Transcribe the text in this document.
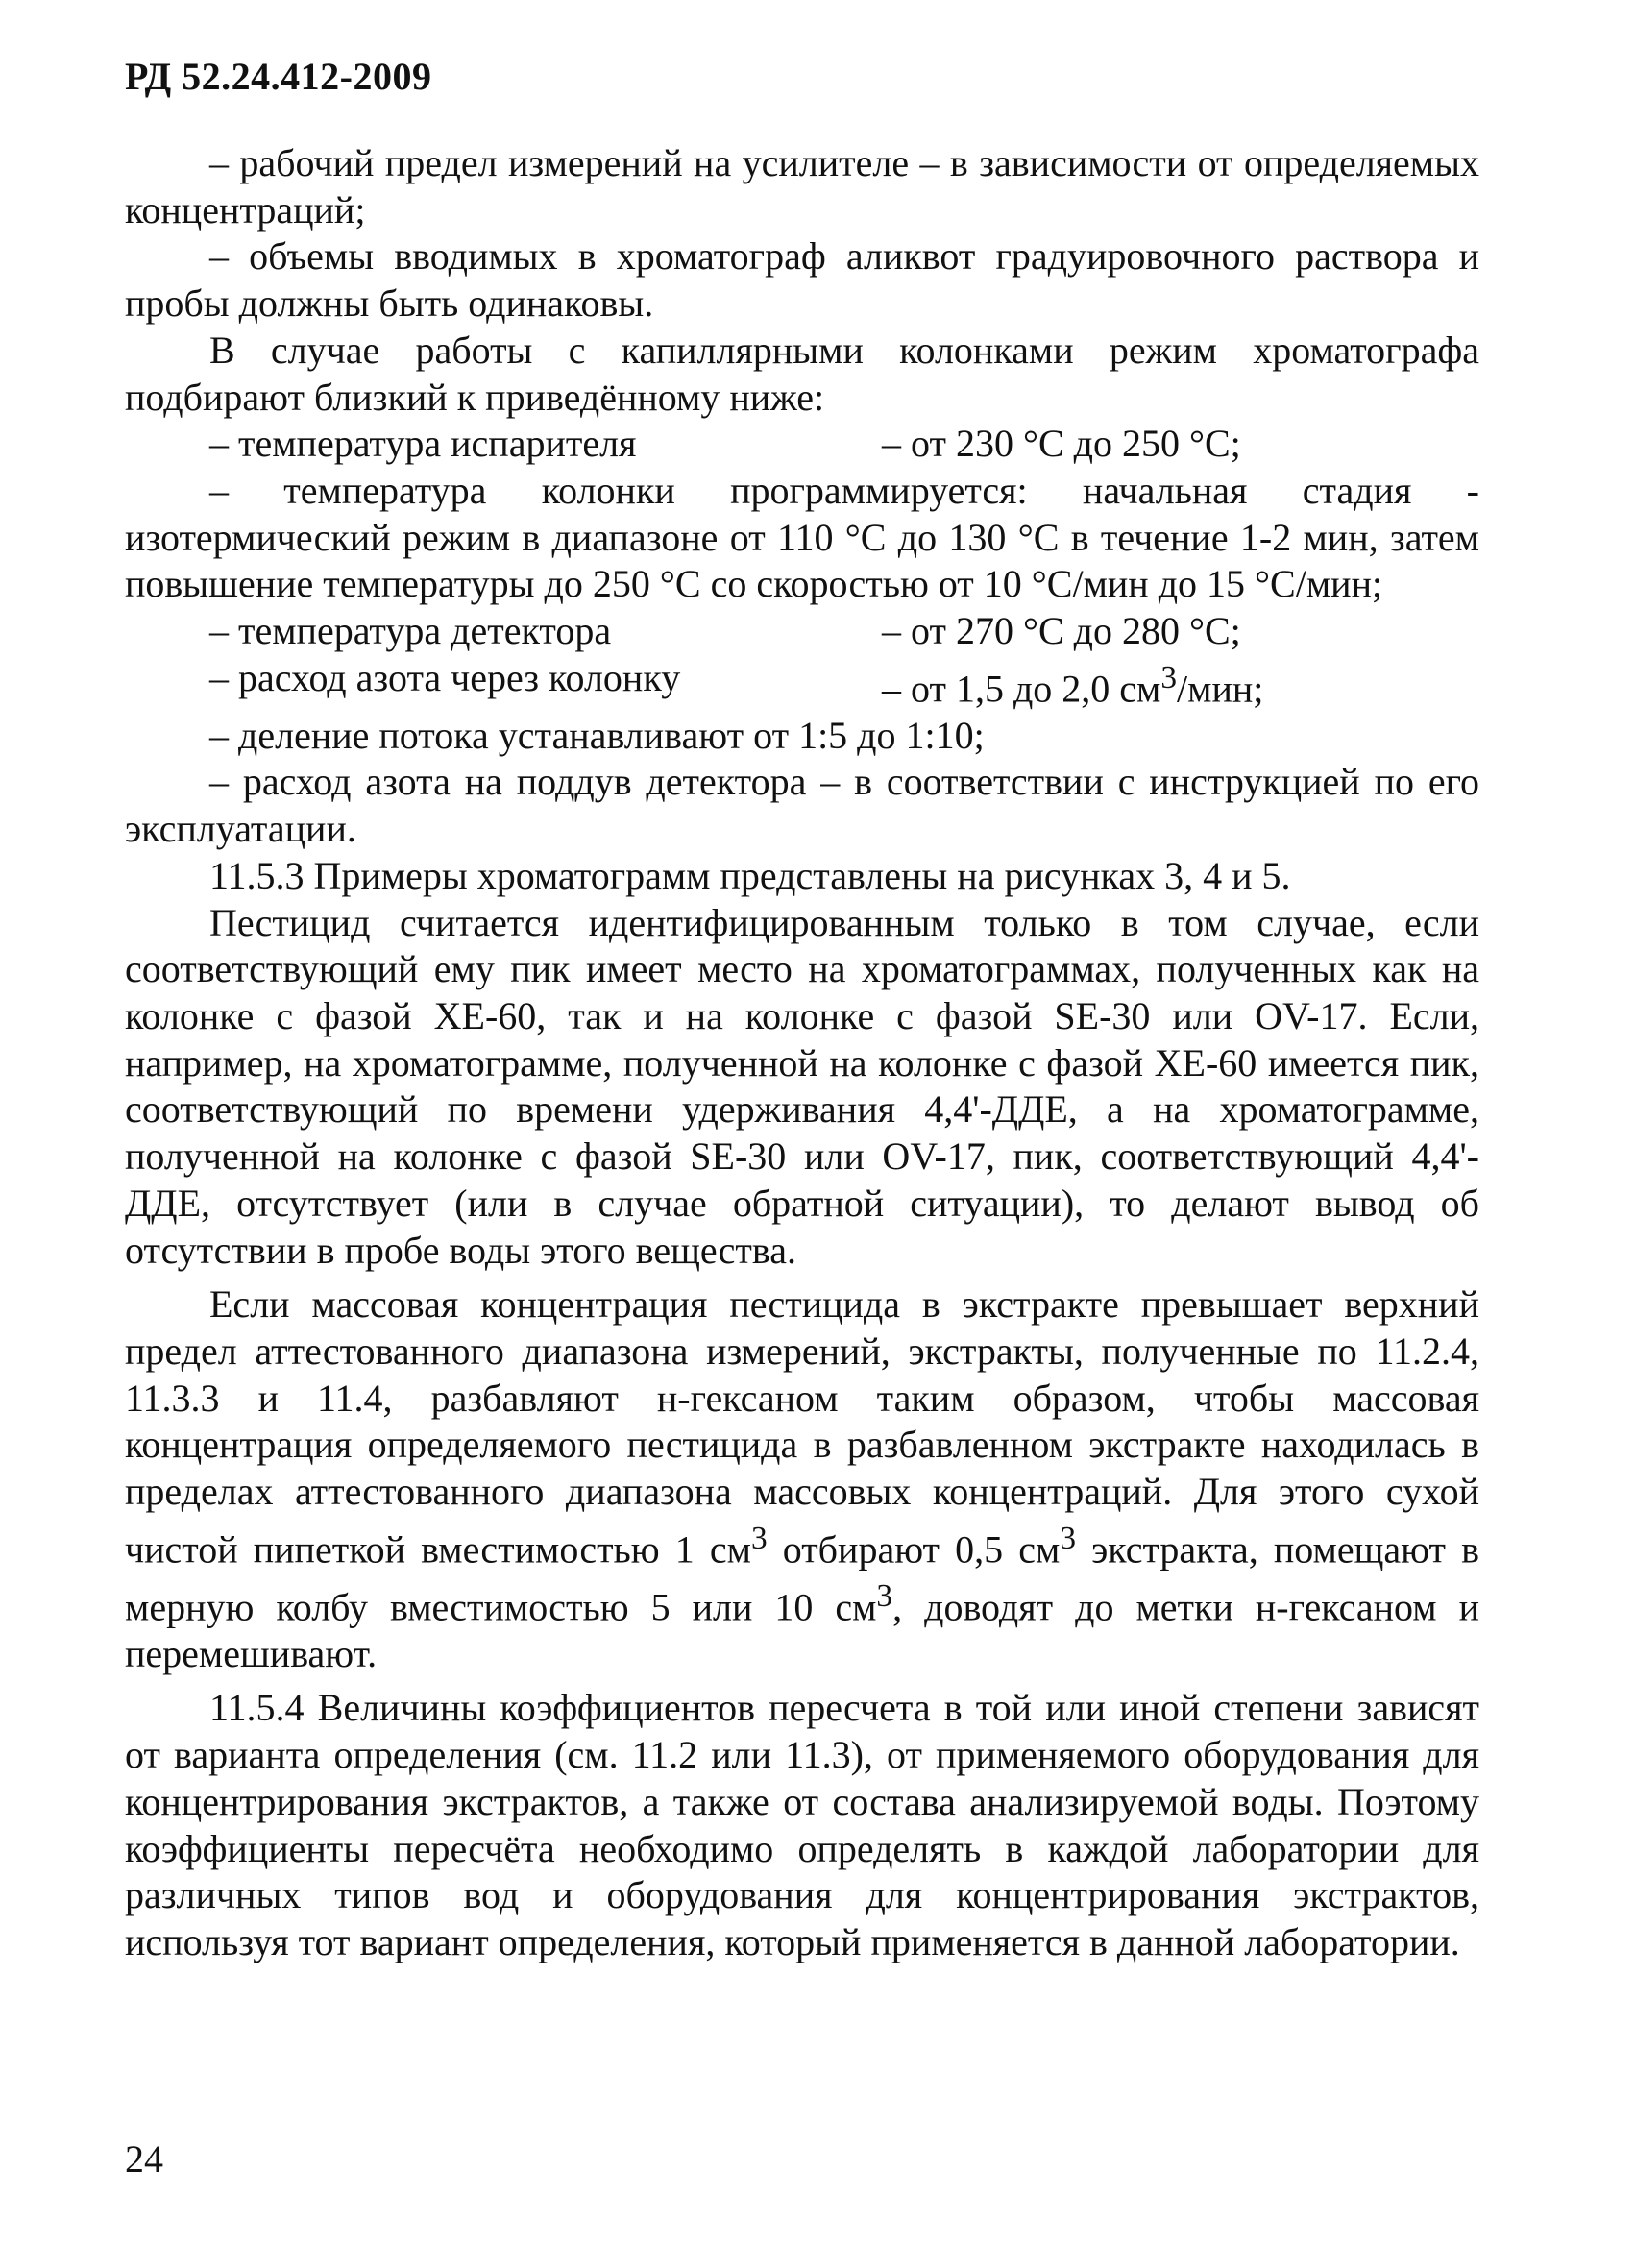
РД 52.24.412-2009

– рабочий предел измерений на усилителе – в зависимости от определяемых концентраций;

– объемы вводимых в хроматограф аликвот градуировочного раствора и пробы должны быть одинаковы.

В случае работы с капиллярными колонками режим хроматографа подбирают близкий к приведённому ниже:

– температура испарителя	– от 230 °С до 250 °С;

– температура колонки программируется: начальная стадия - изотермический режим в диапазоне от 110 °С до 130 °С в течение 1-2 мин, затем повышение температуры до 250 °С со скоростью от 10 °С/мин до 15 °С/мин;

– температура детектора	– от 270 °С до 280 °С;
– расход азота через колонку	– от 1,5 до 2,0 $см^3$/мин;

– деление потока устанавливают от 1:5 до 1:10;

– расход азота на поддув детектора – в соответствии с инструкцией по его эксплуатации.

11.5.3 Примеры хроматограмм представлены на рисунках 3, 4 и 5.

Пестицид считается идентифицированным только в том случае, если соответствующий ему пик имеет место на хроматограммах, полученных как на колонке с фазой ХЕ-60, так и на колонке с фазой SE-30 или OV-17. Если, например, на хроматограмме, полученной на колонке с фазой ХЕ-60 имеется пик, соответствующий по времени удерживания 4,4'-ДДЕ, а на хроматограмме, полученной на колонке с фазой SE-30 или OV-17, пик, соответствующий 4,4'-ДДЕ, отсутствует (или в случае обратной ситуации), то делают вывод об отсутствии в пробе воды этого вещества.

Если массовая концентрация пестицида в экстракте превышает верхний предел аттестованного диапазона измерений, экстракты, полученные по 11.2.4, 11.3.3 и 11.4, разбавляют н-гексаном таким образом, чтобы массовая концентрация определяемого пестицида в разбавленном экстракте находилась в пределах аттестованного диапазона массовых концентраций. Для этого сухой чистой пипеткой вместимостью 1 $см^3$ отбирают 0,5 $см^3$ экстракта, помещают в мерную колбу вместимостью 5 или 10 $см^3$, доводят до метки н-гексаном и перемешивают.

11.5.4 Величины коэффициентов пересчета в той или иной степени зависят от варианта определения (см. 11.2 или 11.3), от применяемого оборудования для концентрирования экстрактов, а также от состава анализируемой воды. Поэтому коэффициенты пересчёта необходимо определять в каждой лаборатории для различных типов вод и оборудования для концентрирования экстрактов, используя тот вариант определения, который применяется в данной лаборатории.

24
